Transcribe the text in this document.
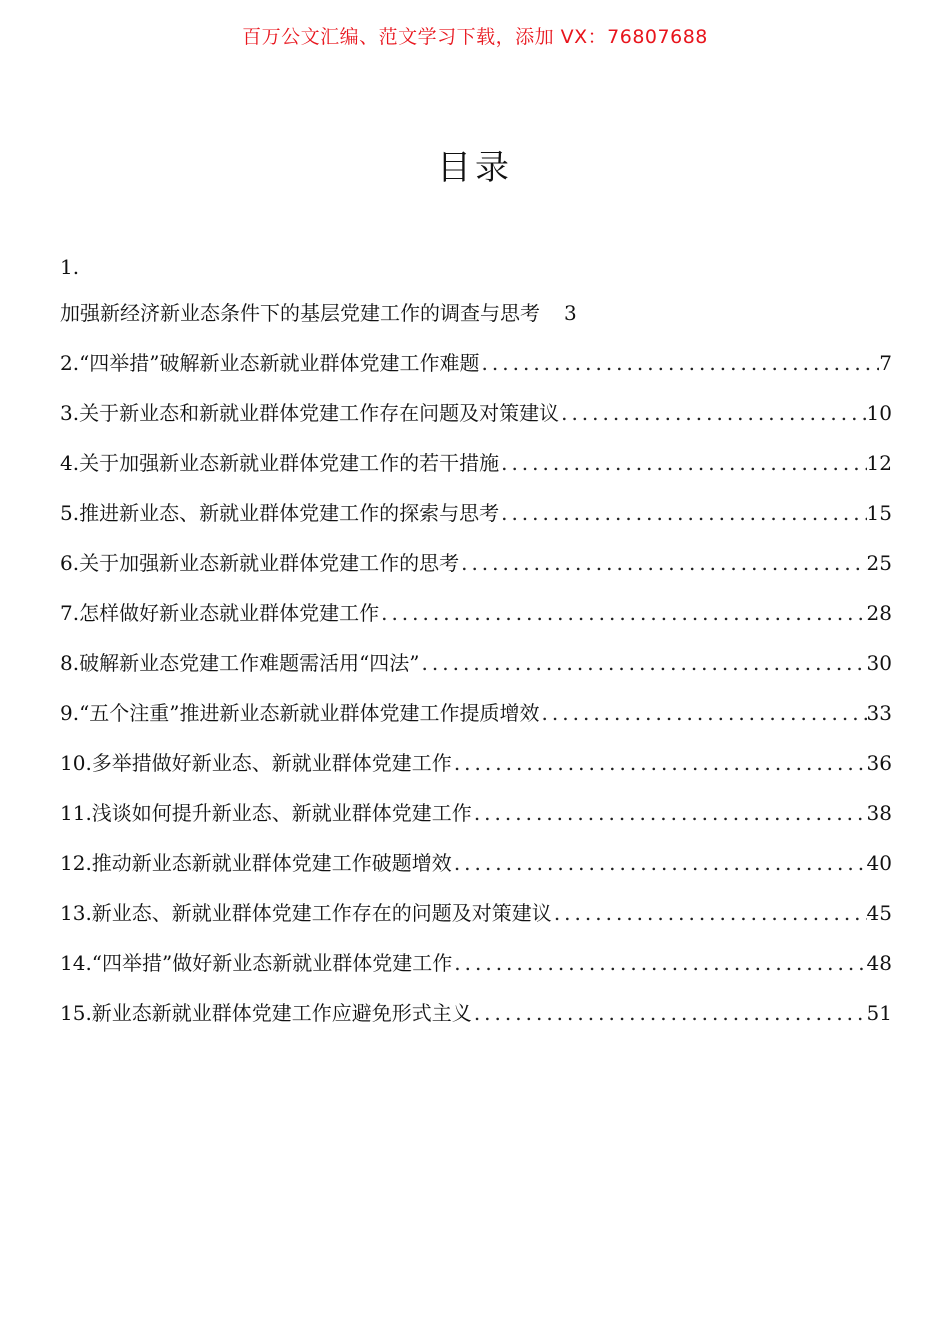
百万公文汇编、范文学习下载，添加 VX：76807688
目录
1.
加强新经济新业态条件下的基层党建工作的调查与思考 3
2.“四举措”破解新业态新就业群体党建工作难题 .....	7
3.关于新业态和新就业群体党建工作存在问题及对策建议 .....	10
4.关于加强新业态新就业群体党建工作的若干措施 .....	12
5.推进新业态、新就业群体党建工作的探索与思考 .....	15
6.关于加强新业态新就业群体党建工作的思考 .....	25
7.怎样做好新业态就业群体党建工作 .....	28
8.破解新业态党建工作难题需活用“四法” .....	30
9.“五个注重”推进新业态新就业群体党建工作提质增效 .....	33
10.多举措做好新业态、新就业群体党建工作 .....	36
11.浅谈如何提升新业态、新就业群体党建工作 .....	38
12.推动新业态新就业群体党建工作破题增效 .....	40
13.新业态、新就业群体党建工作存在的问题及对策建议 .....	45
14.“四举措”做好新业态新就业群体党建工作 .....	48
15.新业态新就业群体党建工作应避免形式主义 .....	51
